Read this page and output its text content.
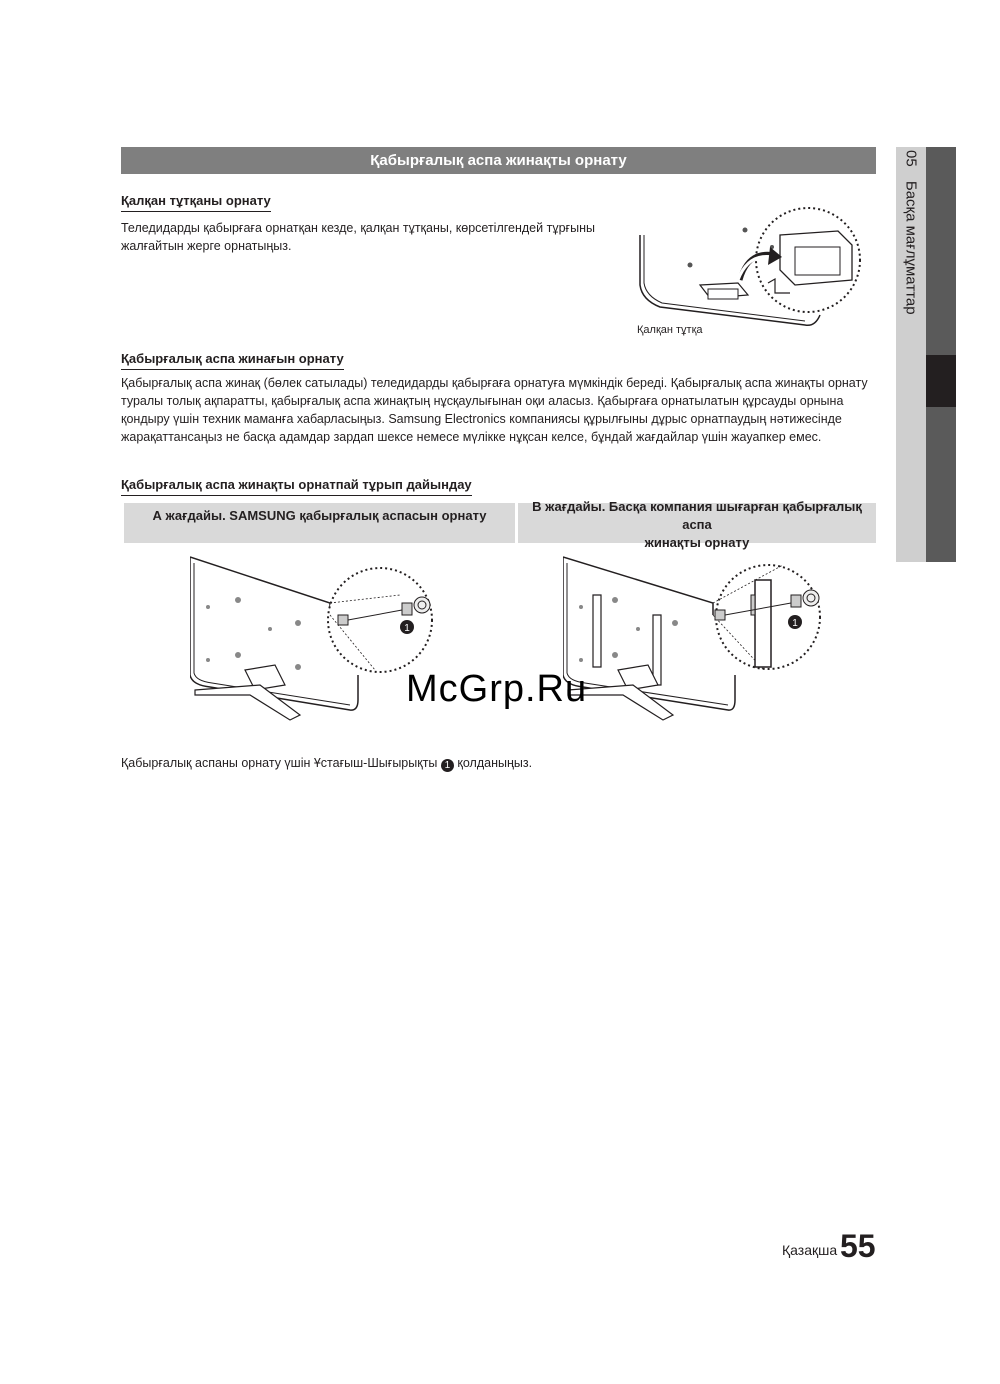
Қабырғалық аспа жинақты орнату	05 Басқа мағлұматтар
Қалқан тұтқаны орнату
Теледидарды қабырғаға орнатқан кезде, қалқан тұтқаны, көрсетілгендей тұрғыны
жалғайтын жерге орнатыңыз.
Қалқан тұтқа
Қабырғалық аспа жинағын орнату
Қабырғалық аспа жинақ (бөлек сатылады) теледидарды қабырғаға орнатуға мүмкіндік береді. Қабырғалық аспа жинақты орнату
туралы толық ақпаратты, қабырғалық аспа жинақтың нұсқаулығынан оқи аласыз. Қабырғаға орнатылатын құрсауды орнына
қондыру үшін техник маманға хабарласыңыз. Samsung Electronics компаниясы құрылғыны дұрыс орнатпаудың нәтижесінде
жарақаттансаңыз не басқа адамдар зардап шексе немесе мүлікке нұқсан келсе, бұндай жағдайлар үшін жауапкер емес.
Қабырғалық аспа жинақты орнатпай тұрып дайындау
А жағдайы. SAMSUNG қабырғалық аспасын орнату
В жағдайы. Басқа компания шығарған қабырғалық аспа
жинақты орнату
1	1
McGrp.Ru
Қабырғалық аспаны орнату үшін Ұстағыш-Шығырықты 1 қолданыңыз.
Қазақша 55
